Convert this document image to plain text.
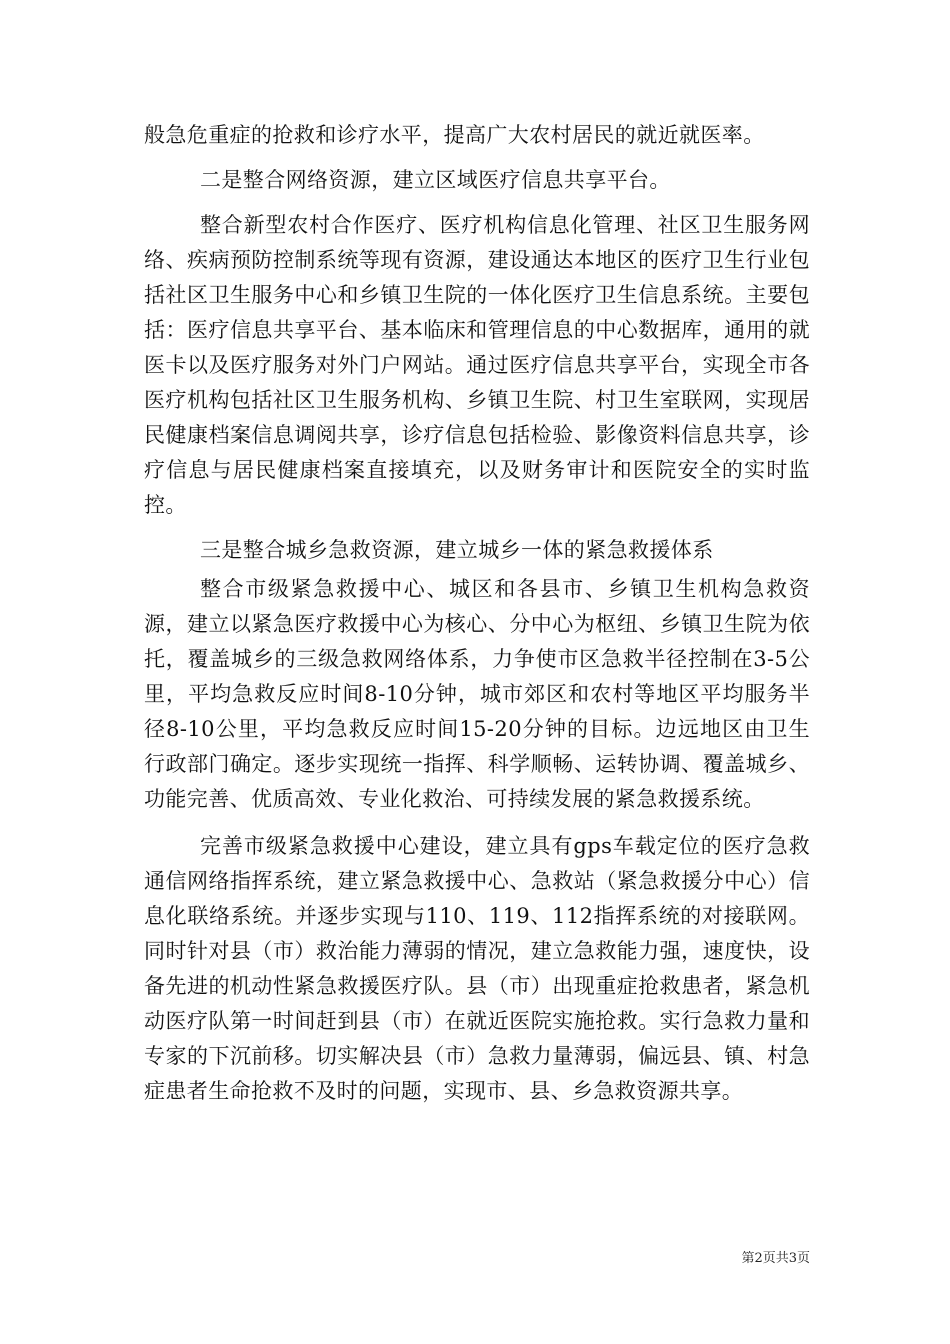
般急危重症的抢救和诊疗水平，提高广大农村居民的就近就医率。

二是整合网络资源，建立区域医疗信息共享平台。

整合新型农村合作医疗、医疗机构信息化管理、社区卫生服务网络、疾病预防控制系统等现有资源，建设通达本地区的医疗卫生行业包括社区卫生服务中心和乡镇卫生院的一体化医疗卫生信息系统。主要包括：医疗信息共享平台、基本临床和管理信息的中心数据库，通用的就医卡以及医疗服务对外门户网站。通过医疗信息共享平台，实现全市各医疗机构包括社区卫生服务机构、乡镇卫生院、村卫生室联网，实现居民健康档案信息调阅共享，诊疗信息包括检验、影像资料信息共享，诊疗信息与居民健康档案直接填充，以及财务审计和医院安全的实时监控。

三是整合城乡急救资源，建立城乡一体的紧急救援体系

整合市级紧急救援中心、城区和各县市、乡镇卫生机构急救资源，建立以紧急医疗救援中心为核心、分中心为枢纽、乡镇卫生院为依托，覆盖城乡的三级急救网络体系，力争使市区急救半径控制在3-5公里，平均急救反应时间8-10分钟，城市郊区和农村等地区平均服务半径8-10公里，平均急救反应时间15-20分钟的目标。边远地区由卫生行政部门确定。逐步实现统一指挥、科学顺畅、运转协调、覆盖城乡、功能完善、优质高效、专业化救治、可持续发展的紧急救援系统。

完善市级紧急救援中心建设，建立具有gps车载定位的医疗急救通信网络指挥系统，建立紧急救援中心、急救站（紧急救援分中心）信息化联络系统。并逐步实现与110、119、112指挥系统的对接联网。同时针对县（市）救治能力薄弱的情况，建立急救能力强，速度快，设备先进的机动性紧急救援医疗队。县（市）出现重症抢救患者，紧急机动医疗队第一时间赶到县（市）在就近医院实施抢救。实行急救力量和专家的下沉前移。切实解决县（市）急救力量薄弱，偏远县、镇、村急症患者生命抢救不及时的问题，实现市、县、乡急救资源共享。

第2页共3页
